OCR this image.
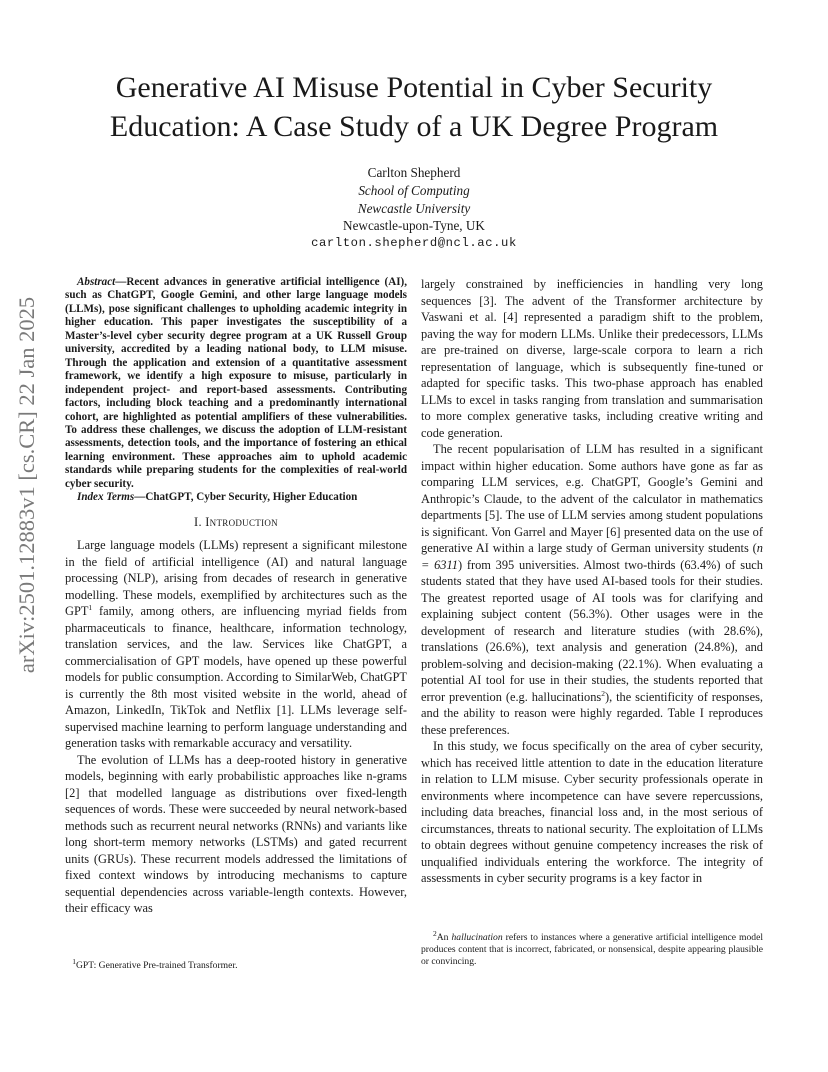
arXiv:2501.12883v1 [cs.CR] 22 Jan 2025
Generative AI Misuse Potential in Cyber Security Education: A Case Study of a UK Degree Program
Carlton Shepherd
School of Computing
Newcastle University
Newcastle-upon-Tyne, UK
carlton.shepherd@ncl.ac.uk

Abstract—Recent advances in generative artificial intelligence (AI), such as ChatGPT, Google Gemini, and other large language models (LLMs), pose significant challenges to upholding academic integrity in higher education. This paper investigates the susceptibility of a Master’s-level cyber security degree program at a UK Russell Group university, accredited by a leading national body, to LLM misuse. Through the application and extension of a quantitative assessment framework, we identify a high exposure to misuse, particularly in independent project- and report-based assessments. Contributing factors, including block teaching and a predominantly international cohort, are highlighted as potential amplifiers of these vulnerabilities. To address these challenges, we discuss the adoption of LLM-resistant assessments, detection tools, and the importance of fostering an ethical learning environment. These approaches aim to uphold academic standards while preparing students for the complexities of real-world cyber security.

Index Terms—ChatGPT, Cyber Security, Higher Education

I. Introduction

Large language models (LLMs) represent a significant milestone in the field of artificial intelligence (AI) and natural language processing (NLP), arising from decades of research in generative modelling. These models, exemplified by architectures such as the GPT$^1$ family, among others, are influencing myriad fields from pharmaceuticals to finance, healthcare, information technology, translation services, and the law. Services like ChatGPT, a commercialisation of GPT models, have opened up these powerful models for public consumption. According to SimilarWeb, ChatGPT is currently the 8th most visited website in the world, ahead of Amazon, LinkedIn, TikTok and Netflix [1]. LLMs leverage self-supervised machine learning to perform language understanding and generation tasks with remarkable accuracy and versatility.

The evolution of LLMs has a deep-rooted history in generative models, beginning with early probabilistic approaches like n-grams [2] that modelled language as distributions over fixed-length sequences of words. These were succeeded by neural network-based methods such as recurrent neural networks (RNNs) and variants like long short-term memory networks (LSTMs) and gated recurrent units (GRUs). These recurrent models addressed the limitations of fixed context windows by introducing mechanisms to capture sequential dependencies across variable-length contexts. However, their efficacy was

largely constrained by inefficiencies in handling very long sequences [3]. The advent of the Transformer architecture by Vaswani et al. [4] represented a paradigm shift to the problem, paving the way for modern LLMs. Unlike their predecessors, LLMs are pre-trained on diverse, large-scale corpora to learn a rich representation of language, which is subsequently fine-tuned or adapted for specific tasks. This two-phase approach has enabled LLMs to excel in tasks ranging from translation and summarisation to more complex generative tasks, including creative writing and code generation.

The recent popularisation of LLM has resulted in a significant impact within higher education. Some authors have gone as far as comparing LLM services, e.g. ChatGPT, Google’s Gemini and Anthropic’s Claude, to the advent of the calculator in mathematics departments [5]. The use of LLM servies among student populations is significant. Von Garrel and Mayer [6] presented data on the use of generative AI within a large study of German university students (n = 6311) from 395 universities. Almost two-thirds (63.4%) of such students stated that they have used AI-based tools for their studies. The greatest reported usage of AI tools was for clarifying and explaining subject content (56.3%). Other usages were in the development of research and literature studies (with 28.6%), translations (26.6%), text analysis and generation (24.8%), and problem-solving and decision-making (22.1%). When evaluating a potential AI tool for use in their studies, the students reported that error prevention (e.g. hallucinations$^2$), the scientificity of responses, and the ability to reason were highly regarded. Table I reproduces these preferences.

In this study, we focus specifically on the area of cyber security, which has received little attention to date in the education literature in relation to LLM misuse. Cyber security professionals operate in environments where incompetence can have severe repercussions, including data breaches, financial loss and, in the most serious of circumstances, threats to national security. The exploitation of LLMs to obtain degrees without genuine competency increases the risk of unqualified individuals entering the workforce. The integrity of assessments in cyber security programs is a key factor in

$^1$GPT: Generative Pre-trained Transformer.
$^2$An hallucination refers to instances where a generative artificial intelligence model produces content that is incorrect, fabricated, or nonsensical, despite appearing plausible or convincing.
